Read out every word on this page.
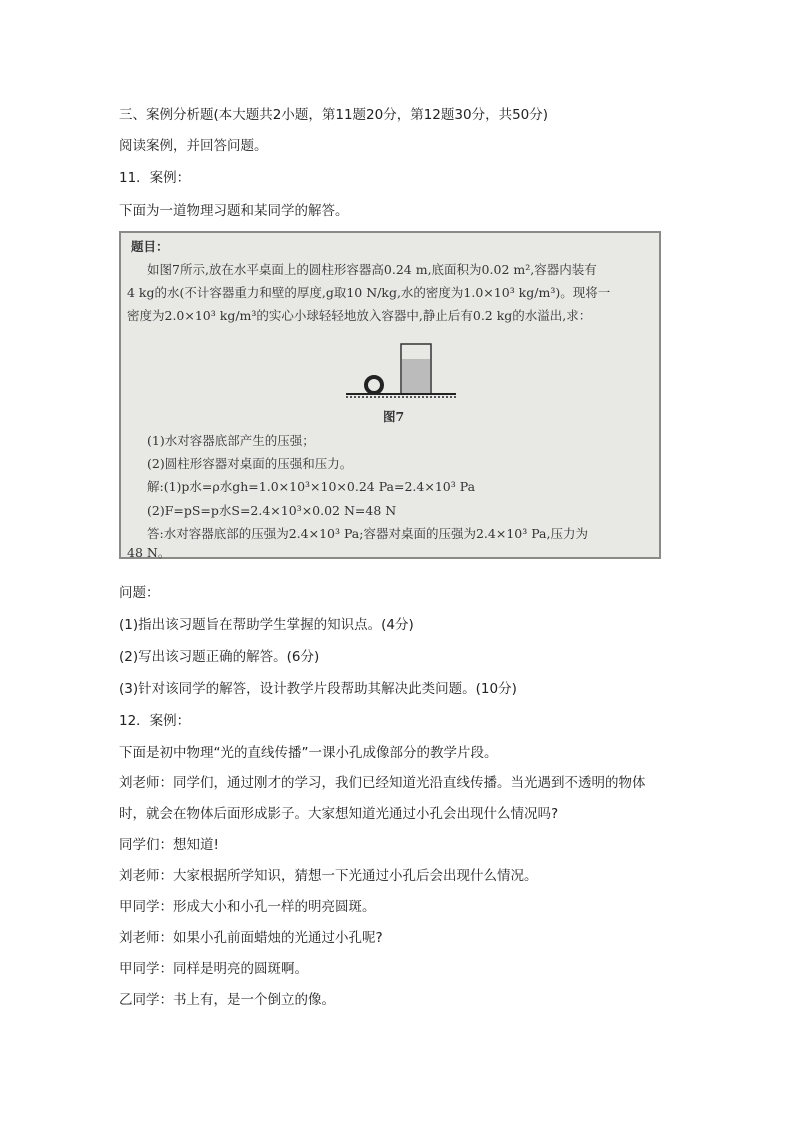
三、案例分析题(本大题共2小题，第11题20分，第12题30分，共50分)
阅读案例，并回答问题。
11．案例：
下面为一道物理习题和某同学的解答。
题目：
如图7所示,放在水平桌面上的圆柱形容器高0.24 m,底面积为0.02 m²,容器内装有
4 kg的水(不计容器重力和壁的厚度,g取10 N/kg,水的密度为1.0×10³ kg/m³)。现将一
密度为2.0×10³ kg/m³的实心小球轻轻地放入容器中,静止后有0.2 kg的水溢出,求：
图7
(1)水对容器底部产生的压强；
(2)圆柱形容器对桌面的压强和压力。
解:(1)p水=ρ水gh=1.0×10³×10×0.24 Pa=2.4×10³ Pa
(2)F=pS=p水S=2.4×10³×0.02 N=48 N
答:水对容器底部的压强为2.4×10³ Pa;容器对桌面的压强为2.4×10³ Pa,压力为
48 N。
问题：
(1)指出该习题旨在帮助学生掌握的知识点。(4分)
(2)写出该习题正确的解答。(6分)
(3)针对该同学的解答，设计教学片段帮助其解决此类问题。(10分)
12．案例：
下面是初中物理“光的直线传播”一课小孔成像部分的教学片段。
刘老师：同学们，通过刚才的学习，我们已经知道光沿直线传播。当光遇到不透明的物体
时，就会在物体后面形成影子。大家想知道光通过小孔会出现什么情况吗?
同学们：想知道!
刘老师：大家根据所学知识，猜想一下光通过小孔后会出现什么情况。
甲同学：形成大小和小孔一样的明亮圆斑。
刘老师：如果小孔前面蜡烛的光通过小孔呢?
甲同学：同样是明亮的圆斑啊。
乙同学：书上有，是一个倒立的像。
